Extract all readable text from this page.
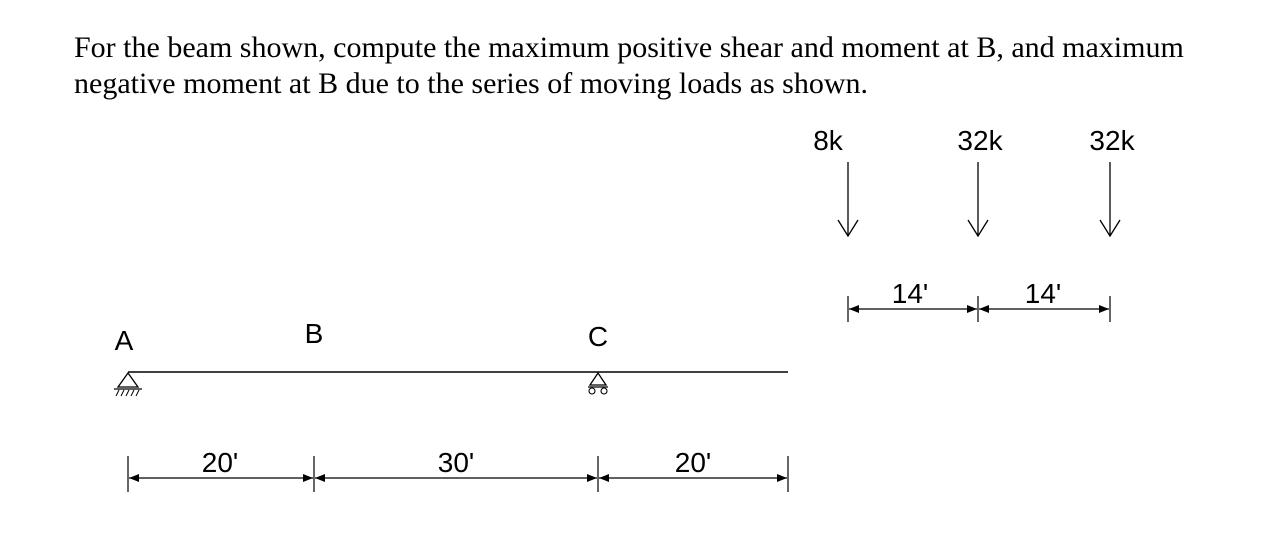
For the beam shown, compute the maximum positive shear and moment at B, and maximum
negative moment at B due to the series of moving loads as shown.

A	B	C
20'	30'	20'
8k	32k	32k
14'	14'
